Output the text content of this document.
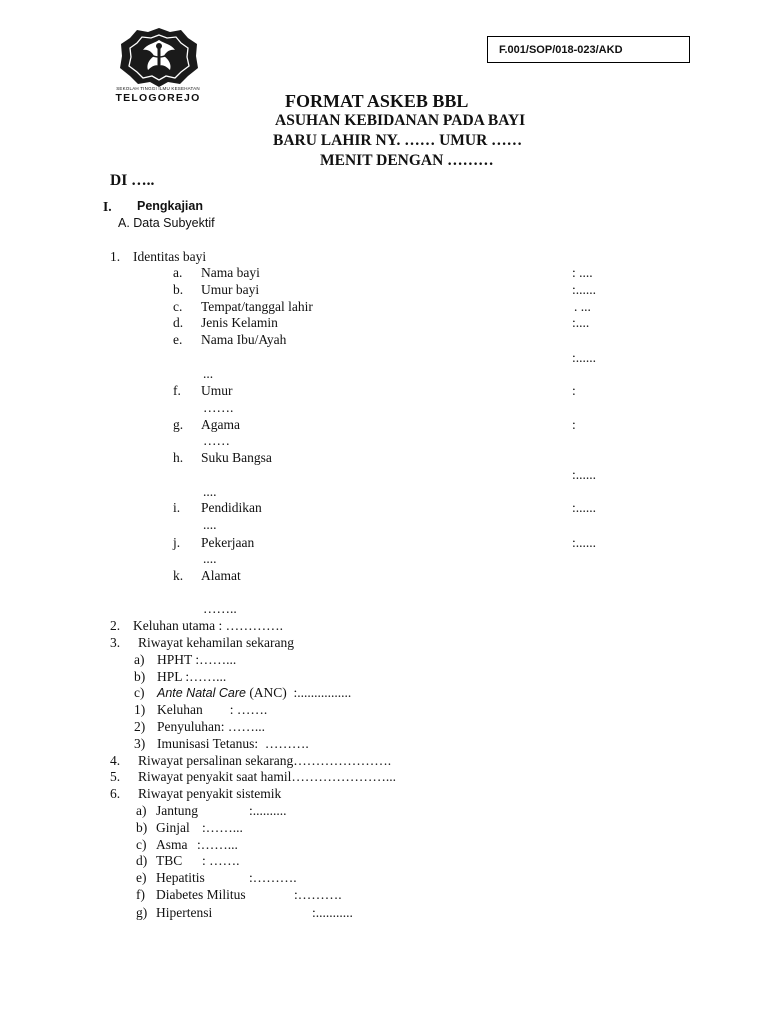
SEKOLAH TINGGI ILMU KESEHATAN
TELOGOREJO
F.001/SOP/018-023/AKD
FORMAT ASKEB BBL
ASUHAN KEBIDANAN PADA BAYI
BARU LAHIR NY. …… UMUR ……
MENIT DENGAN ………
DI …..
I. Pengkajian
A. Data Subyektif
1. Identitas bayi
a. Nama bayi	: ....
b. Umur bayi	:......
c. Tempat/tanggal lahir	. ...
d. Jenis Kelamin	:....
e. Nama Ibu/Ayah
:......
...
f. Umur	:
…….
g. Agama	:
……
h. Suku Bangsa
:......
....
i. Pendidikan	:......
....
j. Pekerjaan	:......
....
k. Alamat
……..
2. Keluhan utama : ………….
3. Riwayat kehamilan sekarang
a) HPHT :……...
b) HPL :……...
c) Ante Natal Care (ANC)  :................
1) Keluhan        : …….
2) Penyuluhan: ……...
3) Imunisasi Tetanus:  ……….
4. Riwayat persalinan sekarang………………….
5. Riwayat penyakit saat hamil…………………...
6. Riwayat penyakit sistemik
a) Jantung	:..........
b) Ginjal :……...
c) Asma :……...
d) TBC : …….
e) Hepatitis	:……….
f) Diabetes Militus	:……….
g) Hipertensi	:...........
